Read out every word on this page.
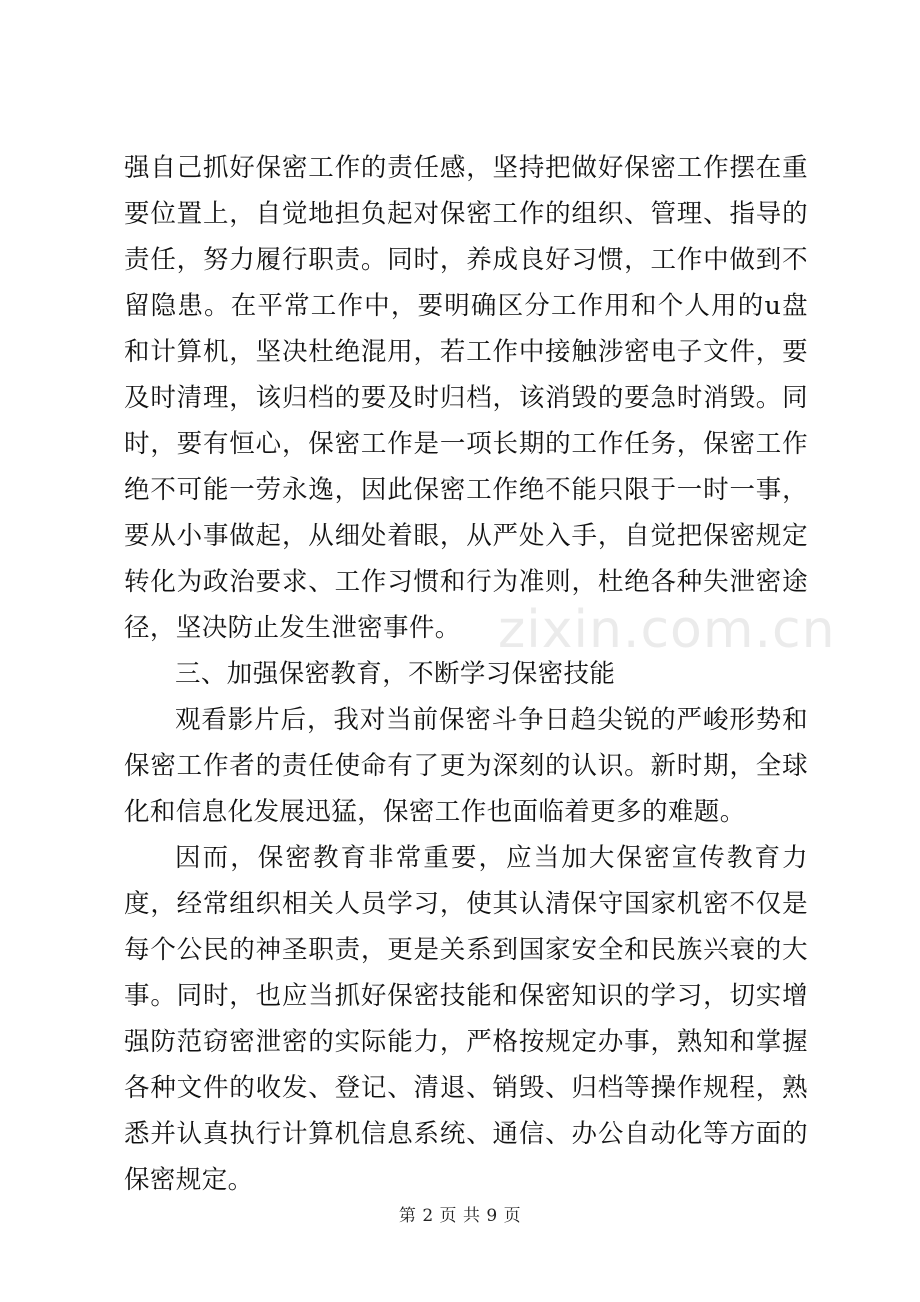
强自己抓好保密工作的责任感，坚持把做好保密工作摆在重要位置上，自觉地担负起对保密工作的组织、管理、指导的责任，努力履行职责。同时，养成良好习惯，工作中做到不留隐患。在平常工作中，要明确区分工作用和个人用的u盘和计算机，坚决杜绝混用，若工作中接触涉密电子文件，要及时清理，该归档的要及时归档，该消毁的要急时消毁。同时，要有恒心，保密工作是一项长期的工作任务，保密工作绝不可能一劳永逸，因此保密工作绝不能只限于一时一事，要从小事做起，从细处着眼，从严处入手，自觉把保密规定转化为政治要求、工作习惯和行为准则，杜绝各种失泄密途径，坚决防止发生泄密事件。

三、加强保密教育，不断学习保密技能

观看影片后，我对当前保密斗争日趋尖锐的严峻形势和保密工作者的责任使命有了更为深刻的认识。新时期，全球化和信息化发展迅猛，保密工作也面临着更多的难题。

因而，保密教育非常重要，应当加大保密宣传教育力度，经常组织相关人员学习，使其认清保守国家机密不仅是每个公民的神圣职责，更是关系到国家安全和民族兴衰的大事。同时，也应当抓好保密技能和保密知识的学习，切实增强防范窃密泄密的实际能力，严格按规定办事，熟知和掌握各种文件的收发、登记、清退、销毁、归档等操作规程，熟悉并认真执行计算机信息系统、通信、办公自动化等方面的保密规定。

zixin.com.cn
第 2 页 共 9 页
